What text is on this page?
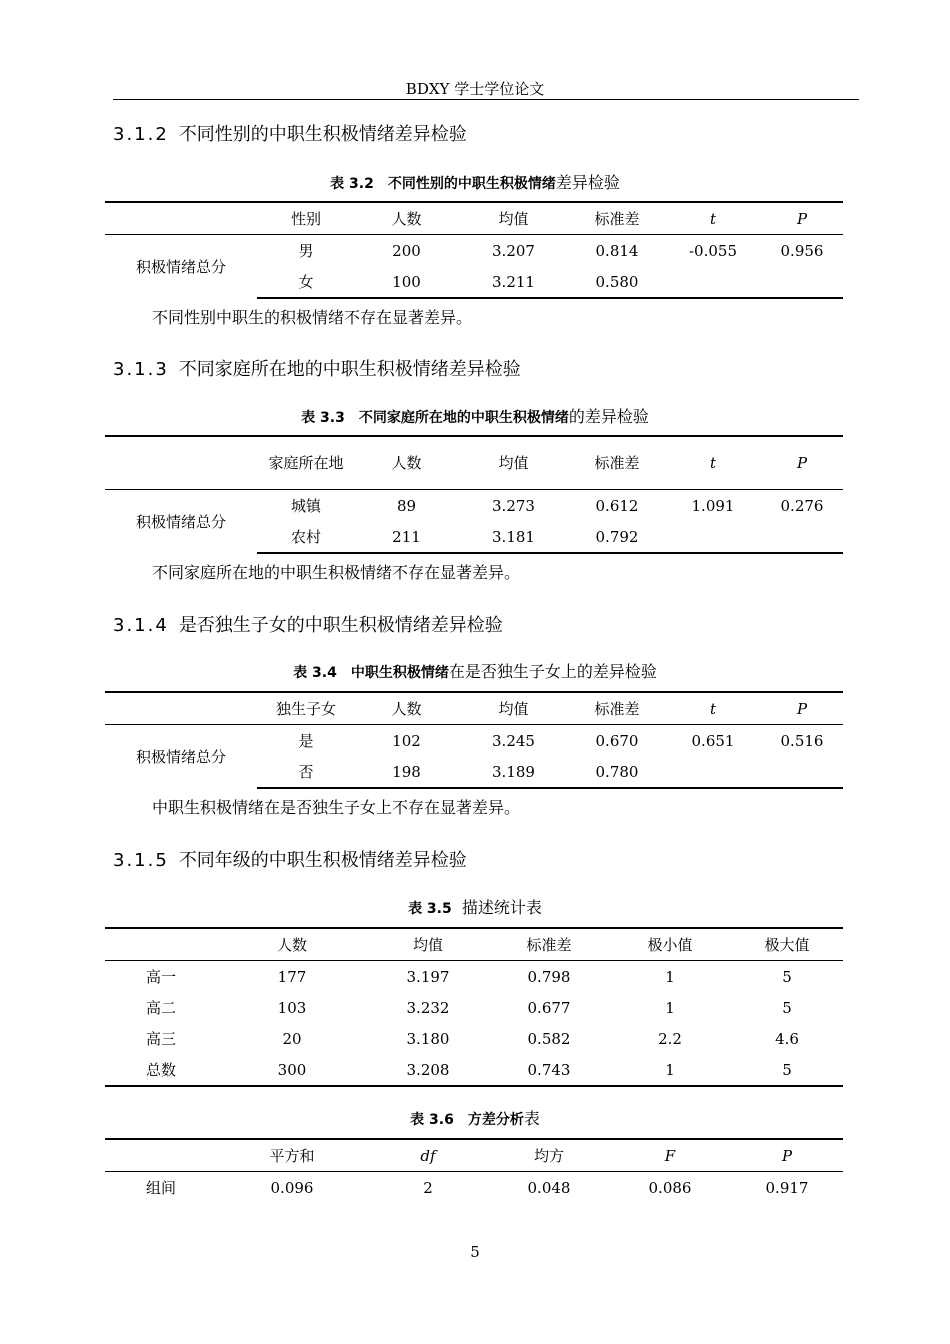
BDXY 学士学位论文
3.1.2 不同性别的中职生积极情绪差异检验
表 3.2　不同性别的中职生积极情绪差异检验
	性别	人数	均值	标准差	t	P
积极情绪总分	男	200	3.207	0.814	-0.055	0.956
	女	100	3.211	0.580		
不同性别中职生的积极情绪不存在显著差异。
3.1.3 不同家庭所在地的中职生积极情绪差异检验
表 3.3　不同家庭所在地的中职生积极情绪的差异检验

	家庭所在地	人数	均值	标准差	t	P
积极情绪总分	城镇	89	3.273	0.612	1.091	0.276
	农村	211	3.181	0.792		
不同家庭所在地的中职生积极情绪不存在显著差异。
3.1.4 是否独生子女的中职生积极情绪差异检验
表 3.4　中职生积极情绪在是否独生子女上的差异检验
	独生子女	人数	均值	标准差	t	P
积极情绪总分	是	102	3.245	0.670	0.651	0.516
	否	198	3.189	0.780		
中职生积极情绪在是否独生子女上不存在显著差异。
3.1.5 不同年级的中职生积极情绪差异检验
表 3.5 描述统计表
	人数	均值	标准差	极小值	极大值
高一	177	3.197	0.798	1	5
高二	103	3.232	0.677	1	5
高三	20	3.180	0.582	2.2	4.6
总数	300	3.208	0.743	1	5
表 3.6　方差分析表
	平方和	df	均方	F	P
组间	0.096	2	0.048	0.086	0.917
5
